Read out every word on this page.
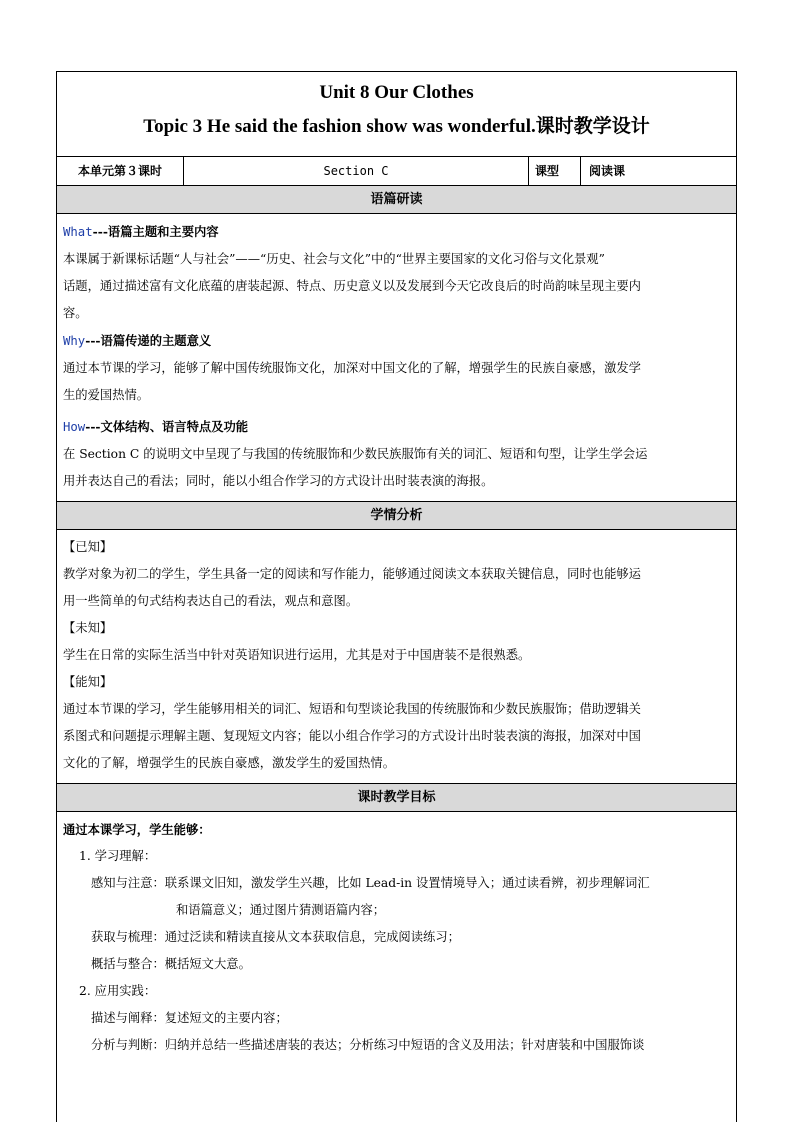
Unit 8 Our Clothes
Topic 3 He said the fashion show was wonderful.课时教学设计
本单元第３课时	Section C	课型	阅读课
语篇研读

What---语篇主题和主要内容

本课属于新课标话题“人与社会”——“历史、社会与文化”中的“世界主要国家的文化习俗与文化景观”

话题，通过描述富有文化底蕴的唐装起源、特点、历史意义以及发展到今天它改良后的时尚韵味呈现主要内

容。

Why---语篇传递的主题意义

通过本节课的学习，能够了解中国传统服饰文化，加深对中国文化的了解，增强学生的民族自豪感，激发学

生的爱国热情。

How---文体结构、语言特点及功能

在 Section C 的说明文中呈现了与我国的传统服饰和少数民族服饰有关的词汇、短语和句型，让学生学会运

用并表达自己的看法；同时，能以小组合作学习的方式设计出时装表演的海报。

学情分析

【已知】

教学对象为初二的学生，学生具备一定的阅读和写作能力，能够通过阅读文本获取关键信息，同时也能够运

用一些简单的句式结构表达自己的看法，观点和意图。

【未知】

学生在日常的实际生活当中针对英语知识进行运用，尤其是对于中国唐装不是很熟悉。

【能知】

通过本节课的学习，学生能够用相关的词汇、短语和句型谈论我国的传统服饰和少数民族服饰；借助逻辑关

系图式和问题提示理解主题、复现短文内容；能以小组合作学习的方式设计出时装表演的海报，加深对中国

文化的了解，增强学生的民族自豪感，激发学生的爱国热情。

课时教学目标

通过本课学习，学生能够：

1. 学习理解：

感知与注意：联系课文旧知，激发学生兴趣，比如 Lead-in 设置情境导入；通过读看辨，初步理解词汇

和语篇意义；通过图片猜测语篇内容；

获取与梳理：通过泛读和精读直接从文本获取信息，完成阅读练习；

概括与整合：概括短文大意。

2. 应用实践：

描述与阐释：复述短文的主要内容；

分析与判断：归纳并总结一些描述唐装的表达；分析练习中短语的含义及用法；针对唐装和中国服饰谈
